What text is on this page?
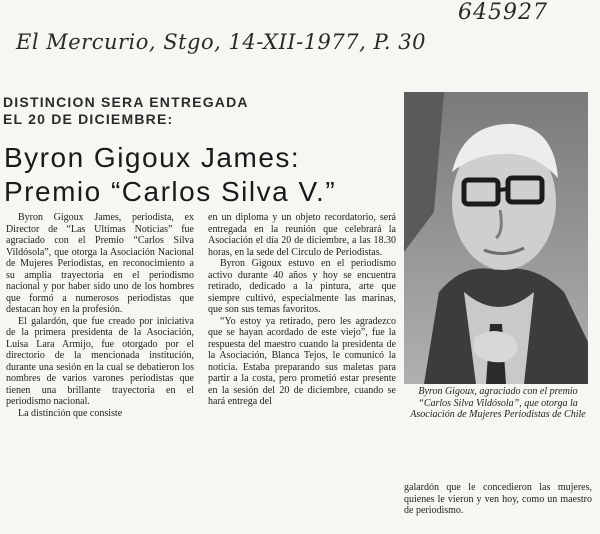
645927
El Mercurio, Stgo, 14-XII-1977, P. 30
DISTINCION SERA ENTREGADA
EL 20 DE DICIEMBRE:
Byron Gigoux James:
Premio “Carlos Silva V.”

Byron Gigoux James, periodista, ex Director de “Las Ultimas Noticias” fue agraciado con el Premio “Carlos Silva Vildósola”, que otorga la Asociación Nacional de Mujeres Periodistas, en reconocimiento a su amplia trayectoria en el periodismo nacional y por haber sido uno de los hombres que formó a numerosos periodistas que destacan hoy en la profesión.

El galardón, que fue creado por iniciativa de la primera presidenta de la Asociación, Luisa Lara Armijo, fue otorgado por el directorio de la mencionada institución, durante una sesión en la cual se debatieron los nombres de varios varones periodistas que tienen una brillante trayectoria en el periodismo nacional.

La distinción que consiste

en un diploma y un objeto recordatorio, será entregada en la reunión que celebrará la Asociación el día 20 de diciembre, a las 18.30 horas, en la sede del Circulo de Periodistas.

Byron Gigoux estuvo en el periodismo activo durante 40 años y hoy se encuentra retirado, dedicado a la pintura, arte que siempre cultivó, especialmente las marinas, que son sus temas favoritos.

“Yo estoy ya retirado, pero les agradezco que se hayan acordado de este viejo”, fue la respuesta del maestro cuando la presidenta de la Asociación, Blanca Tejos, le comunicó la noticia. Estaba preparando sus maletas para partir a la costa, pero prometió estar presente en la sesión del 20 de diciembre, cuando se hará entrega del

Byron Gigoux, agraciado con el premio “Carlos Silva Vildósola”, que otorga la Asociación de Mujeres Periodistas de Chile

galardón que le concedieron las mujeres, quienes le vieron y ven hoy, como un maestro de periodismo.
